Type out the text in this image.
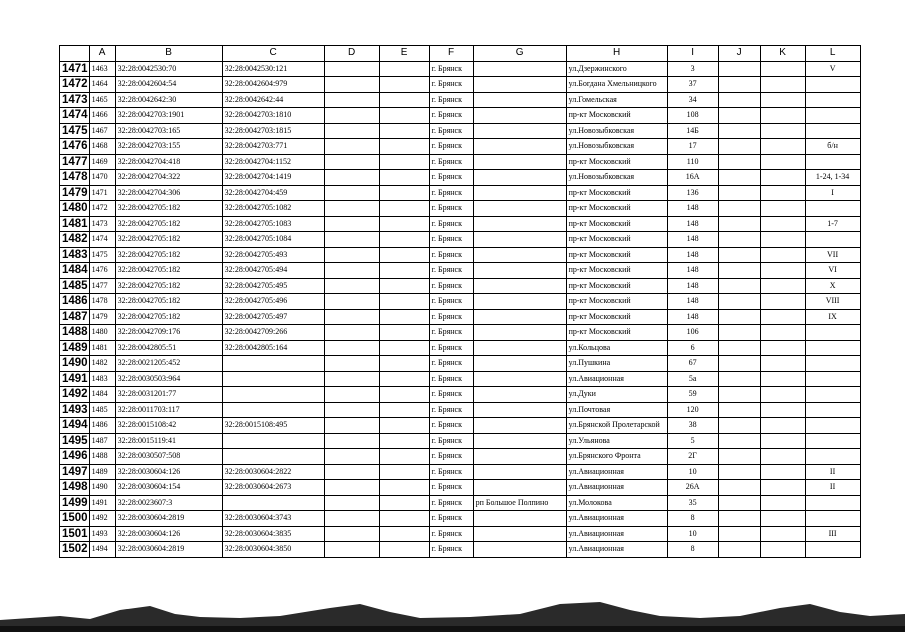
	A	B	C	D	E	F	G	H	I	J	K	L
1471	1463	32:28:0042530:70	32:28:0042530:121			г. Брянск		ул.Дзержинского	3			V
1472	1464	32:28:0042604:54	32:28:0042604:979			г. Брянск		ул.Богдана Хмельницкого	37			
1473	1465	32:28:0042642:30	32:28:0042642:44			г. Брянск		ул.Гомельская	34			
1474	1466	32:28:0042703:1901	32:28:0042703:1810			г. Брянск		пр-кт Московский	108			
1475	1467	32:28:0042703:165	32:28:0042703:1815			г. Брянск		ул.Новозыбковская	14Б			
1476	1468	32:28:0042703:155	32:28:0042703:771			г. Брянск		ул.Новозыбковская	17			б/н
1477	1469	32:28:0042704:418	32:28:0042704:1152			г. Брянск		пр-кт Московский	110			
1478	1470	32:28:0042704:322	32:28:0042704:1419			г. Брянск		ул.Новозыбковская	16А			1-24, 1-34
1479	1471	32:28:0042704:306	32:28:0042704:459			г. Брянск		пр-кт Московский	136			I
1480	1472	32:28:0042705:182	32:28:0042705:1082			г. Брянск		пр-кт Московский	148			
1481	1473	32:28:0042705:182	32:28:0042705:1083			г. Брянск		пр-кт Московский	148			1-7
1482	1474	32:28:0042705:182	32:28:0042705:1084			г. Брянск		пр-кт Московский	148			
1483	1475	32:28:0042705:182	32:28:0042705:493			г. Брянск		пр-кт Московский	148			VII
1484	1476	32:28:0042705:182	32:28:0042705:494			г. Брянск		пр-кт Московский	148			VI
1485	1477	32:28:0042705:182	32:28:0042705:495			г. Брянск		пр-кт Московский	148			X
1486	1478	32:28:0042705:182	32:28:0042705:496			г. Брянск		пр-кт Московский	148			VIII
1487	1479	32:28:0042705:182	32:28:0042705:497			г. Брянск		пр-кт Московский	148			IX
1488	1480	32:28:0042709:176	32:28:0042709:266			г. Брянск		пр-кт Московский	106			
1489	1481	32:28:0042805:51	32:28:0042805:164			г. Брянск		ул.Кольцова	6			
1490	1482	32:28:0021205:452				г. Брянск		ул.Пушкина	67			
1491	1483	32:28:0030503:964				г. Брянск		ул.Авиационная	5а			
1492	1484	32:28:0031201:77				г. Брянск		ул.Дуки	59			
1493	1485	32:28:0011703:117				г. Брянск		ул.Почтовая	120			
1494	1486	32:28:0015108:42	32:28:0015108:495			г. Брянск		ул.Брянской Пролетарской	38			
1495	1487	32:28:0015119:41				г. Брянск		ул.Ульянова	5			
1496	1488	32:28:0030507:508				г. Брянск		ул.Брянского Фронта	2Г			
1497	1489	32:28:0030604:126	32:28:0030604:2822			г. Брянск		ул.Авиационная	10			II
1498	1490	32:28:0030604:154	32:28:0030604:2673			г. Брянск		ул.Авиационная	26А			II
1499	1491	32:28:0023607:3				г. Брянск	рп Большое Полпино	ул.Молокова	35			
1500	1492	32:28:0030604:2819	32:28:0030604:3743			г. Брянск		ул.Авиационная	8			
1501	1493	32:28:0030604:126	32:28:0030604:3835			г. Брянск		ул.Авиационная	10			III
1502	1494	32:28:0030604:2819	32:28:0030604:3850			г. Брянск		ул.Авиационная	8			
